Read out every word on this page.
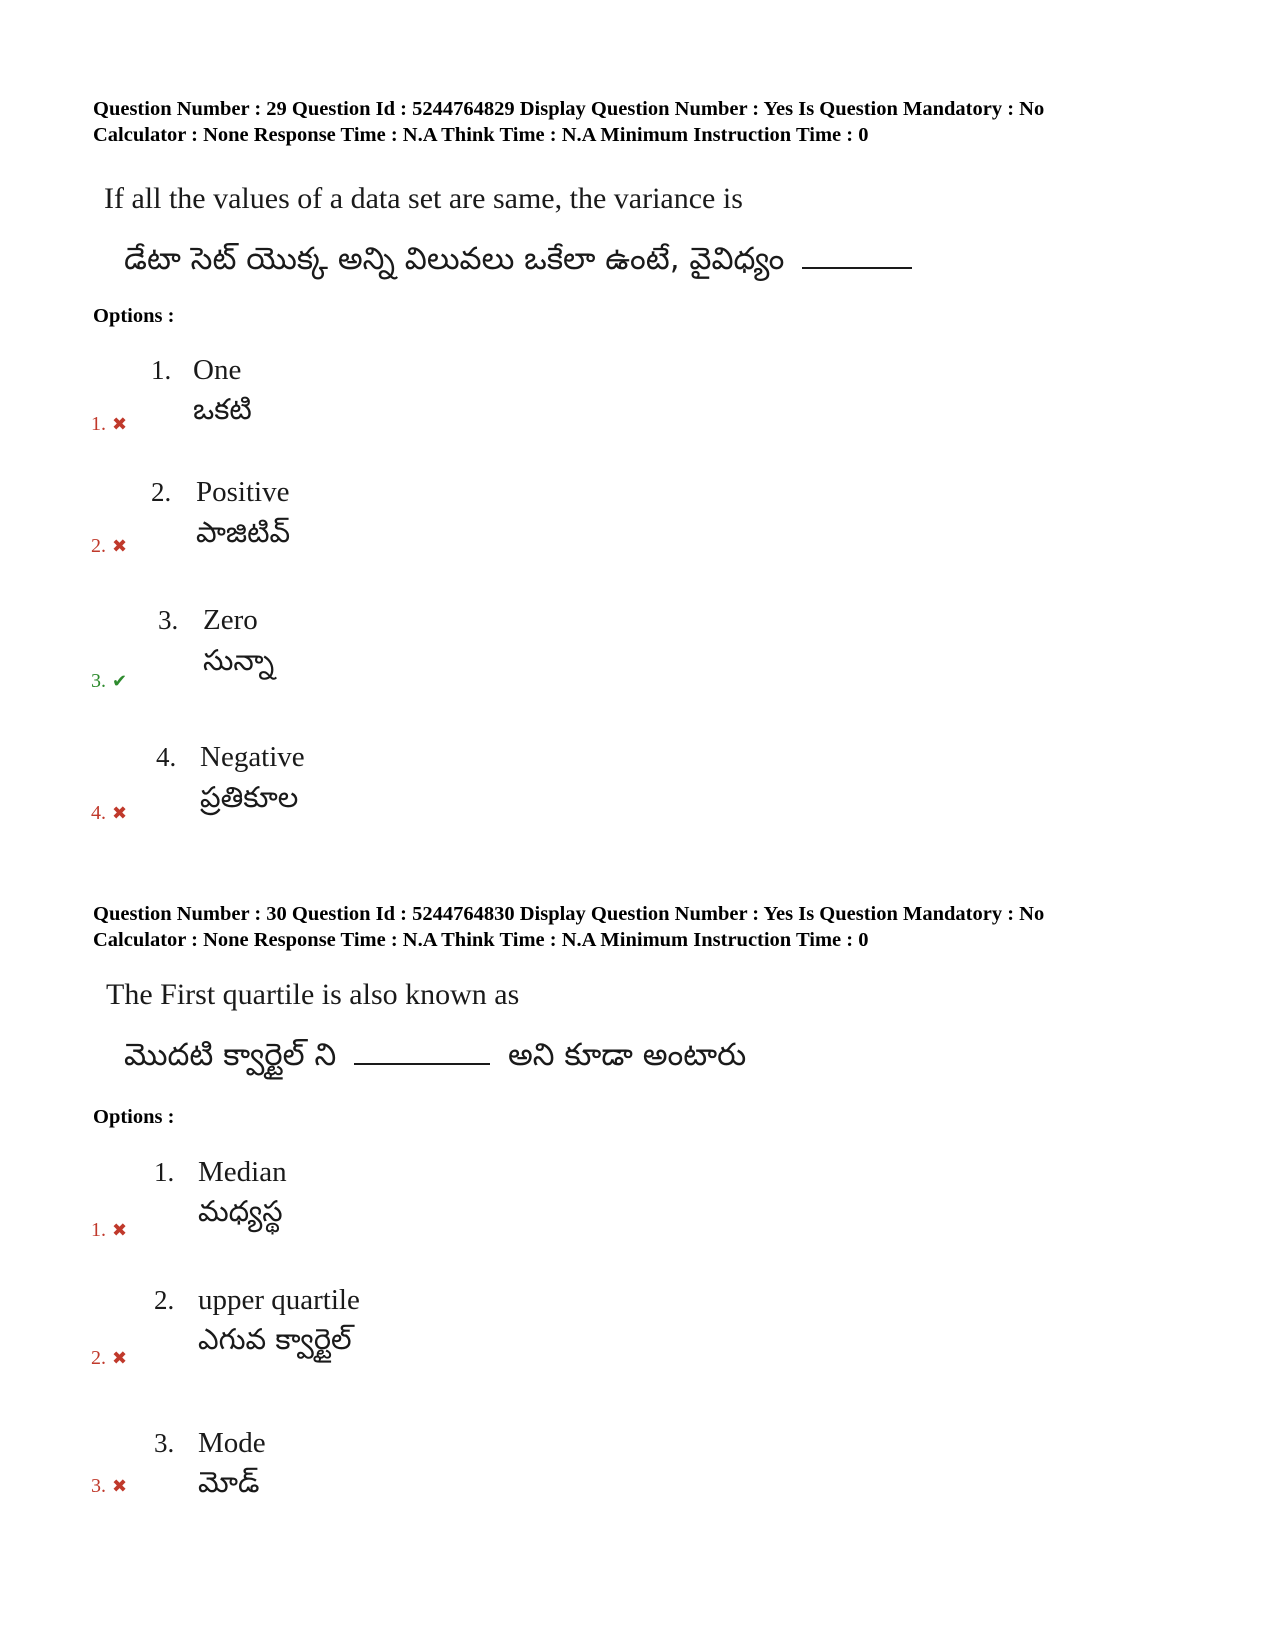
Question Number : 29 Question Id : 5244764829 Display Question Number : Yes Is Question Mandatory : No
Calculator : None Response Time : N.A Think Time : N.A Minimum Instruction Time : 0
If all the values of a data set are same, the variance is
డేటా సెట్ యొక్క అన్ని విలువలు ఒకేలా ఉంటే, వైవిధ్యం
Options :
1. One
ఒకటి
1. ✖
2. Positive
పాజిటివ్
2. ✖
3. Zero
సున్నా
3. ✔
4. Negative
ప్రతికూల
4. ✖
Question Number : 30 Question Id : 5244764830 Display Question Number : Yes Is Question Mandatory : No
Calculator : None Response Time : N.A Think Time : N.A Minimum Instruction Time : 0
The First quartile is also known as
మొదటి క్వార్టైల్ ని	అని కూడా అంటారు
Options :
1. Median
మధ్యస్థ
1. ✖
2. upper quartile
ఎగువ క్వార్టైల్
2. ✖
3. Mode
మోడ్
3. ✖
